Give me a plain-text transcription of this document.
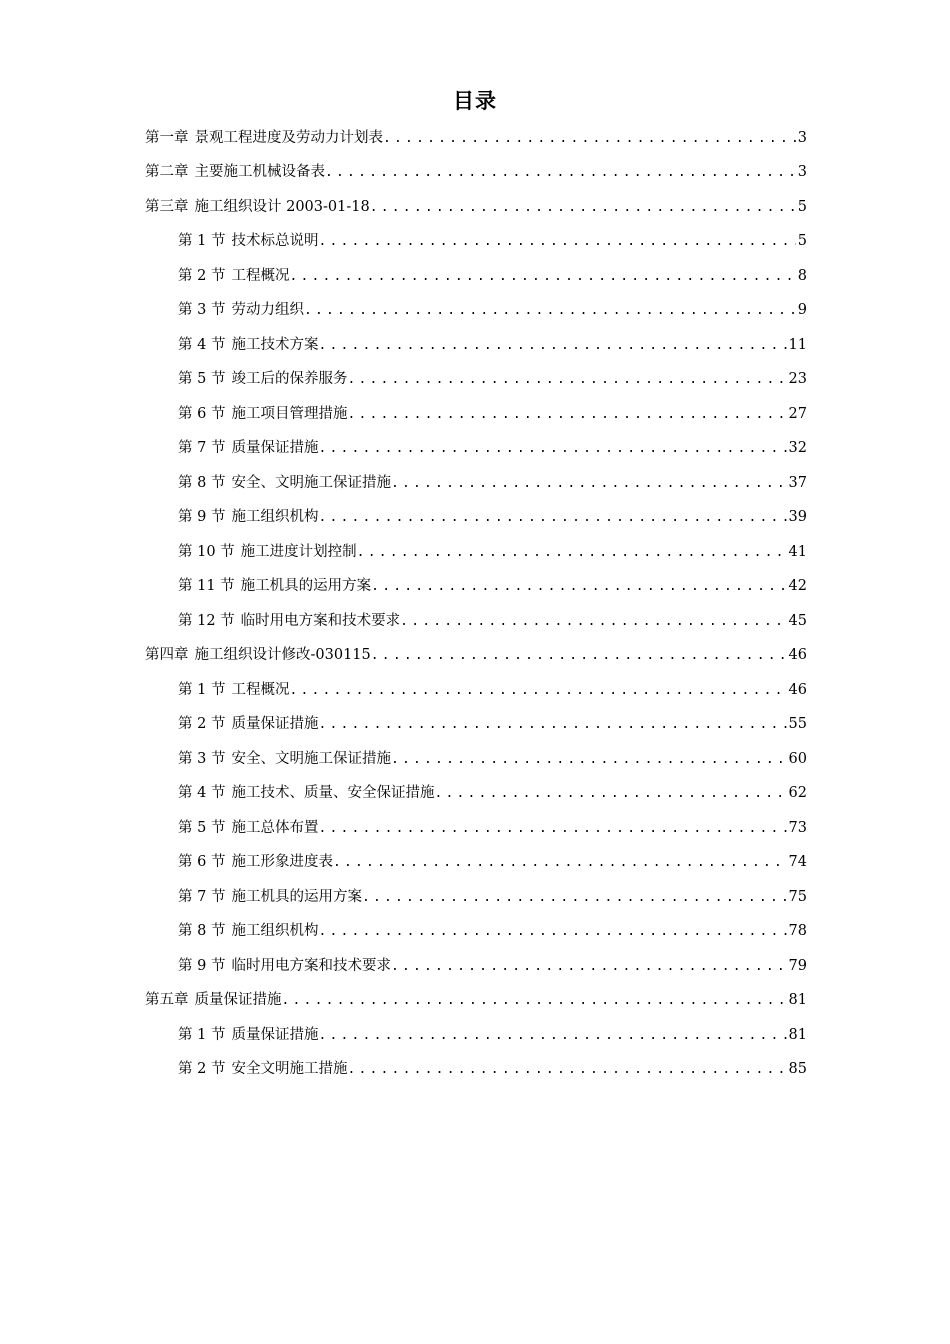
目录
第一章 景观工程进度及劳动力计划表 .....	3
第二章 主要施工机械设备表 .....	3
第三章 施工组织设计 2003-01-18 .....	5
第 1 节 技术标总说明 .....	5
第 2 节 工程概况 .....	8
第 3 节 劳动力组织 .....	9
第 4 节 施工技术方案 .....	11
第 5 节 竣工后的保养服务 .....	23
第 6 节 施工项目管理措施 .....	27
第 7 节 质量保证措施 .....	32
第 8 节 安全、文明施工保证措施 .....	37
第 9 节 施工组织机构 .....	39
第 10 节 施工进度计划控制 .....	41
第 11 节 施工机具的运用方案 .....	42
第 12 节 临时用电方案和技术要求 .....	45
第四章 施工组织设计修改-030115 .....	46
第 1 节 工程概况 .....	46
第 2 节 质量保证措施 .....	55
第 3 节 安全、文明施工保证措施 .....	60
第 4 节 施工技术、质量、安全保证措施 .....	62
第 5 节 施工总体布置 .....	73
第 6 节 施工形象进度表 .....	74
第 7 节 施工机具的运用方案 .....	75
第 8 节 施工组织机构 .....	78
第 9 节 临时用电方案和技术要求 .....	79
第五章 质量保证措施 .....	81
第 1 节 质量保证措施 .....	81
第 2 节 安全文明施工措施 .....	85
